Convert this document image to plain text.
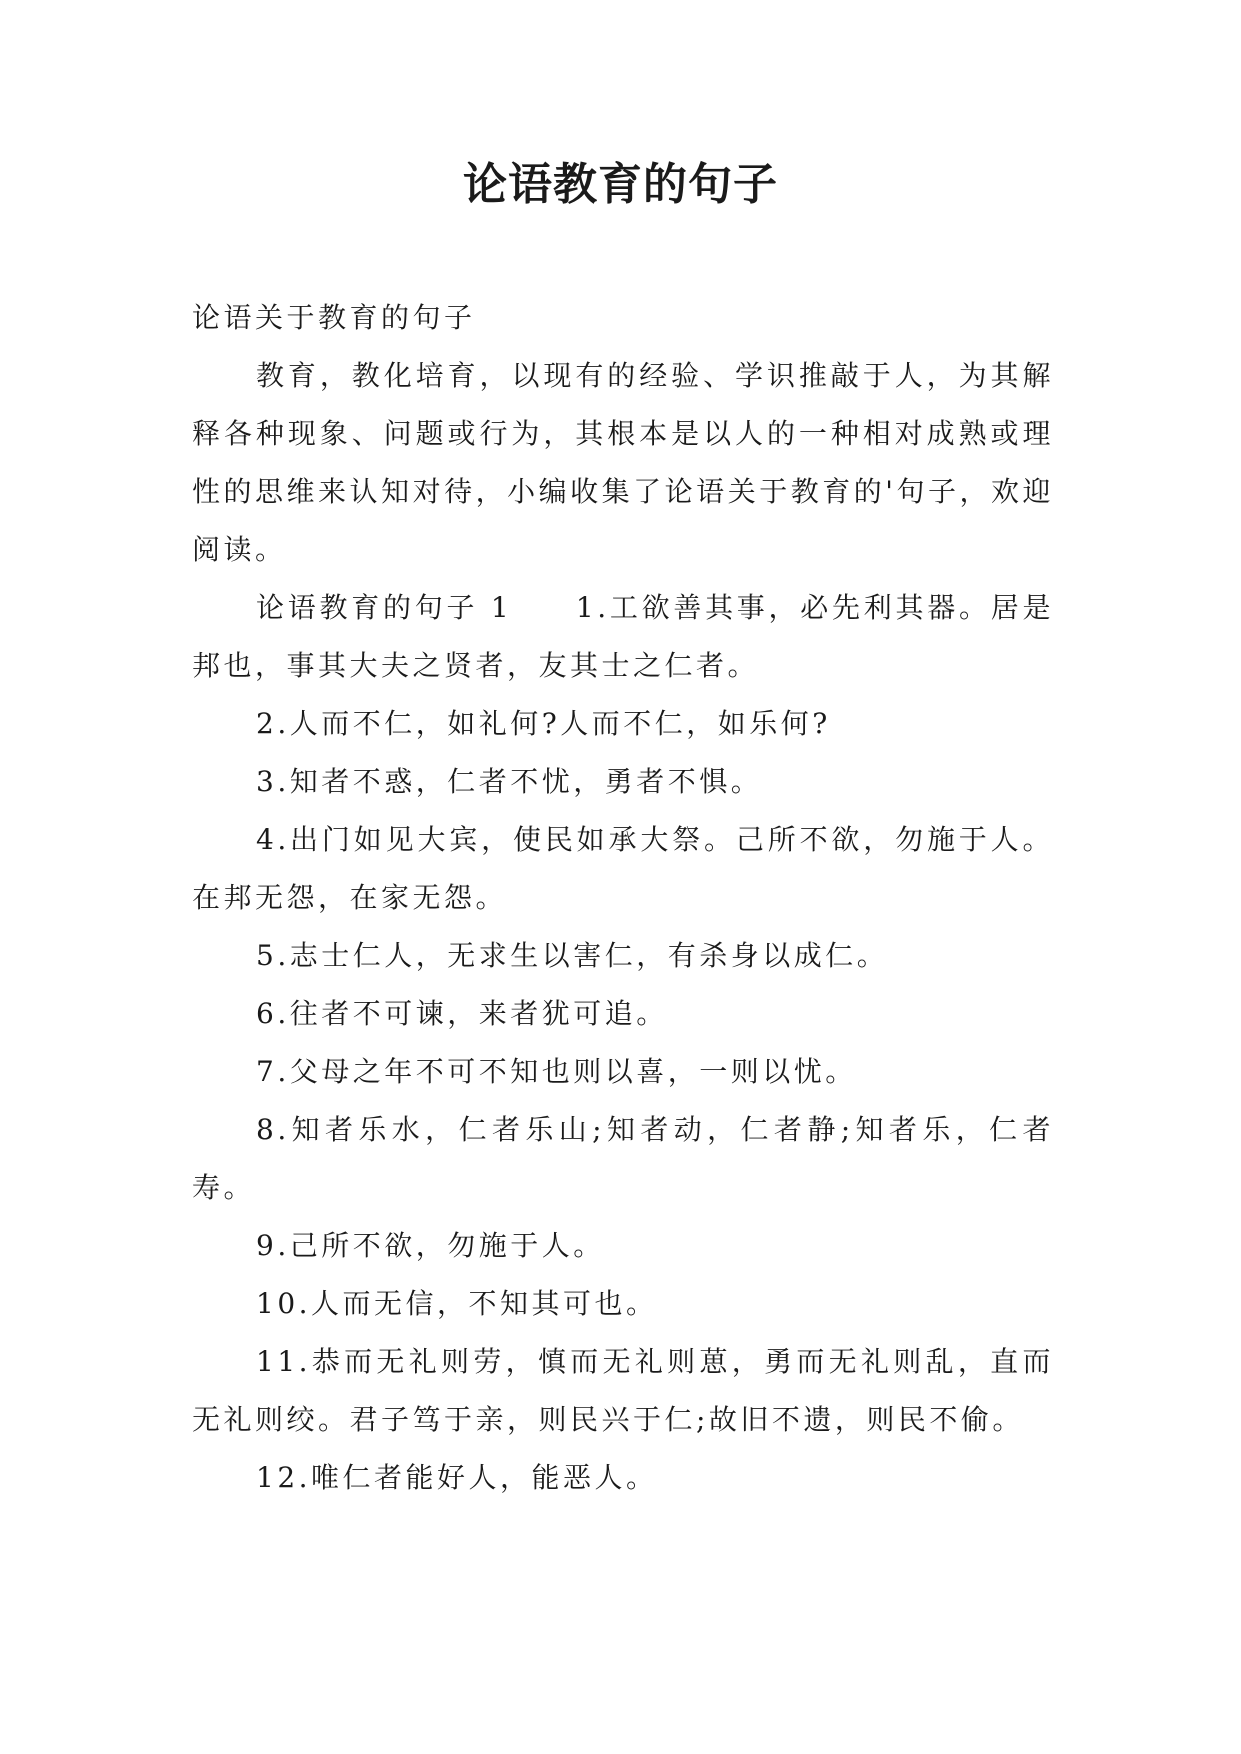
论语教育的句子

论语关于教育的句子

教育，教化培育，以现有的经验、学识推敲于人，为其解释各种现象、问题或行为，其根本是以人的一种相对成熟或理性的思维来认知对待，小编收集了论语关于教育的'句子，欢迎阅读。

论语教育的句子 1　　1.工欲善其事，必先利其器。居是邦也，事其大夫之贤者，友其士之仁者。

2.人而不仁，如礼何?人而不仁，如乐何?

3.知者不惑，仁者不忧，勇者不惧。

4.出门如见大宾，使民如承大祭。己所不欲，勿施于人。在邦无怨，在家无怨。

5.志士仁人，无求生以害仁，有杀身以成仁。

6.往者不可谏，来者犹可追。

7.父母之年不可不知也则以喜，一则以忧。

8.知者乐水，仁者乐山;知者动，仁者静;知者乐，仁者寿。

9.己所不欲，勿施于人。

10.人而无信，不知其可也。

11.恭而无礼则劳，慎而无礼则葸，勇而无礼则乱，直而无礼则绞。君子笃于亲，则民兴于仁;故旧不遗，则民不偷。

12.唯仁者能好人，能恶人。
